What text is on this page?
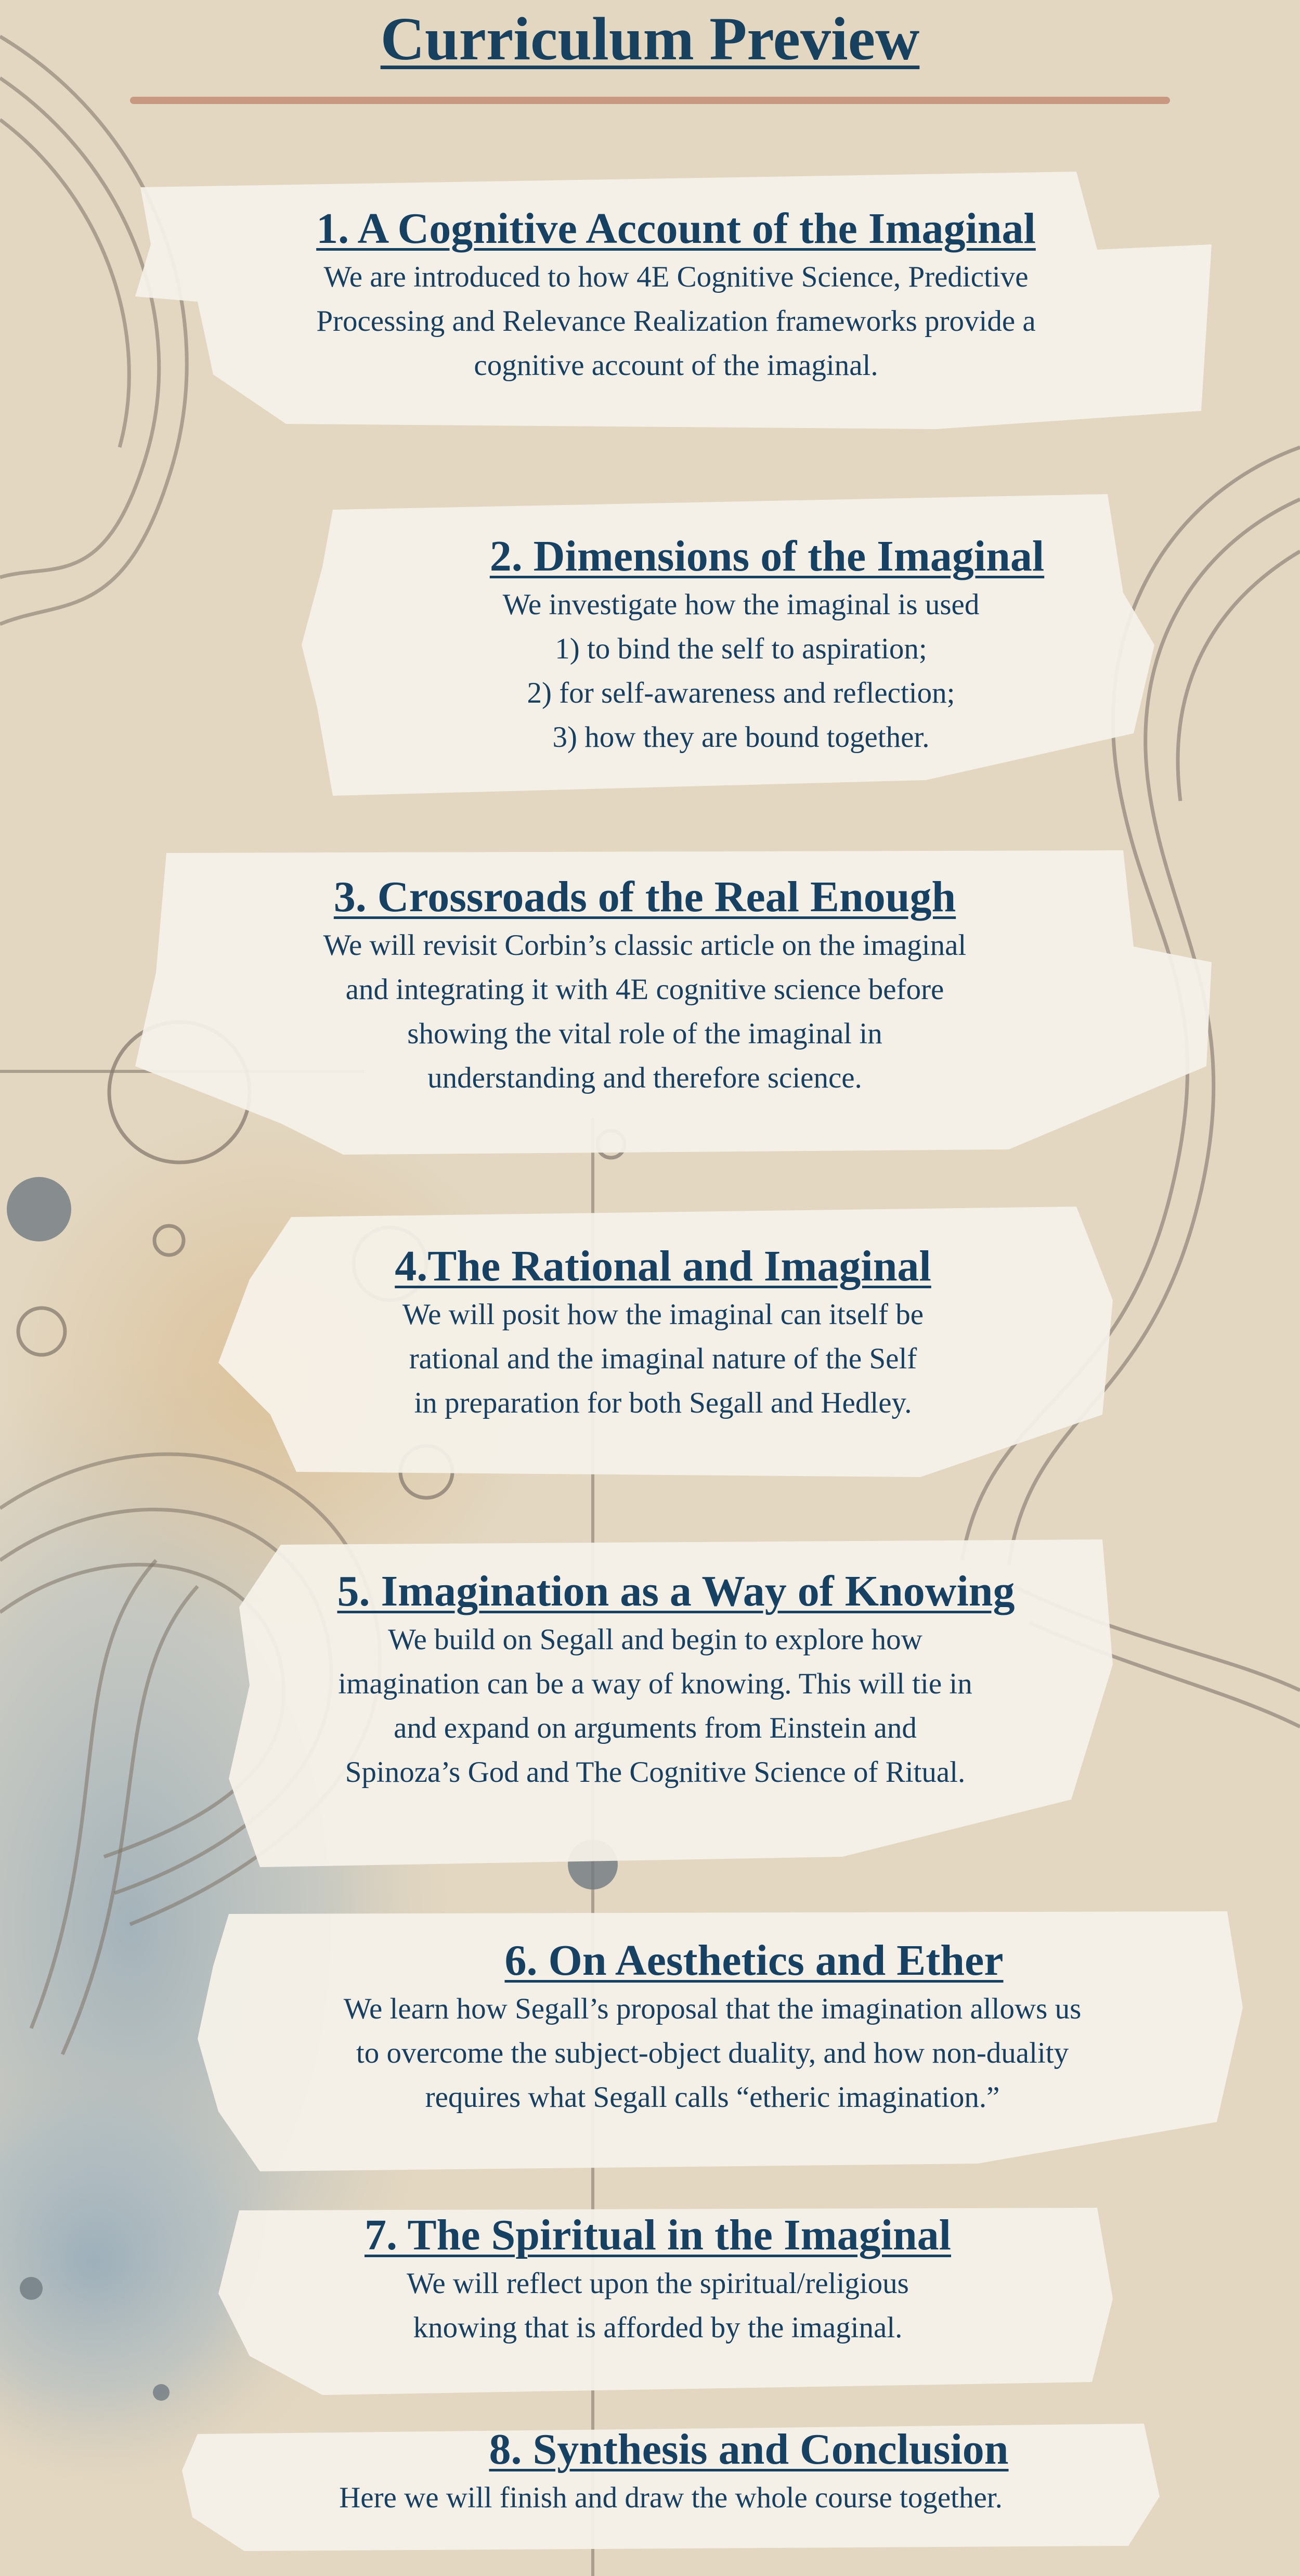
Curriculum Preview
1. A Cognitive Account of the Imaginal
We are introduced to how 4E Cognitive Science, Predictive
Processing and Relevance Realization frameworks provide a
cognitive account of the imaginal.
2. Dimensions of the Imaginal
We investigate how the imaginal is used
1) to bind the self to aspiration;
2) for self-awareness and reflection;
3) how they are bound together.
3. Crossroads of the Real Enough
We will revisit Corbin’s classic article on the imaginal
and integrating it with 4E cognitive science before
showing the vital role of the imaginal in
understanding and therefore science.
4.The Rational and Imaginal
We will posit how the imaginal can itself be
rational and the imaginal nature of the Self
in preparation for both Segall and Hedley.
5. Imagination as a Way of Knowing
We build on Segall and begin to explore how
imagination can be a way of knowing. This will tie in
and expand on arguments from Einstein and
Spinoza’s God and The Cognitive Science of Ritual.
6. On Aesthetics and Ether
We learn how Segall’s proposal that the imagination allows us
to overcome the subject-object duality, and how non-duality
requires what Segall calls “etheric imagination.”
7. The Spiritual in the Imaginal
We will reflect upon the spiritual/religious
knowing that is afforded by the imaginal.
8. Synthesis and Conclusion
Here we will finish and draw the whole course together.
